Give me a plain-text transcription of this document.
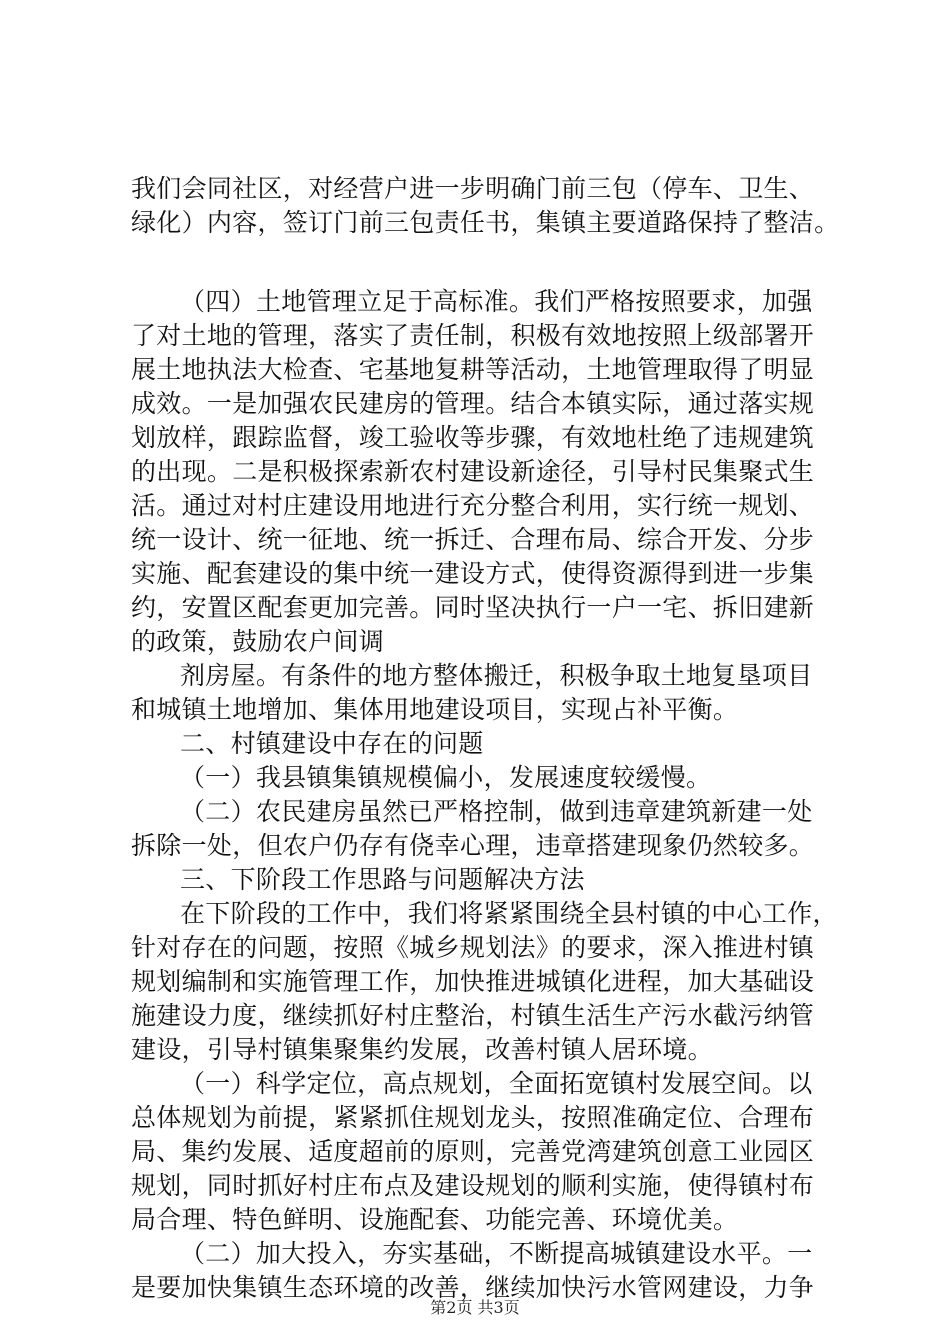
我们会同社区，对经营户进一步明确门前三包（停车、卫生、
绿化）内容，签订门前三包责任书，集镇主要道路保持了整洁。
（四）土地管理立足于高标准。我们严格按照要求，加强
了对土地的管理，落实了责任制，积极有效地按照上级部署开
展土地执法大检查、宅基地复耕等活动，土地管理取得了明显
成效。一是加强农民建房的管理。结合本镇实际，通过落实规
划放样，跟踪监督，竣工验收等步骤，有效地杜绝了违规建筑
的出现。二是积极探索新农村建设新途径，引导村民集聚式生
活。通过对村庄建设用地进行充分整合利用，实行统一规划、
统一设计、统一征地、统一拆迁、合理布局、综合开发、分步
实施、配套建设的集中统一建设方式，使得资源得到进一步集
约，安置区配套更加完善。同时坚决执行一户一宅、拆旧建新
的政策，鼓励农户间调
剂房屋。有条件的地方整体搬迁，积极争取土地复垦项目
和城镇土地增加、集体用地建设项目，实现占补平衡。
二、村镇建设中存在的问题
（一）我县镇集镇规模偏小，发展速度较缓慢。
（二）农民建房虽然已严格控制，做到违章建筑新建一处
拆除一处，但农户仍存有侥幸心理，违章搭建现象仍然较多。
三、下阶段工作思路与问题解决方法
在下阶段的工作中，我们将紧紧围绕全县村镇的中心工作，
针对存在的问题，按照《城乡规划法》的要求，深入推进村镇
规划编制和实施管理工作，加快推进城镇化进程，加大基础设
施建设力度，继续抓好村庄整治，村镇生活生产污水截污纳管
建设，引导村镇集聚集约发展，改善村镇人居环境。
（一）科学定位，高点规划，全面拓宽镇村发展空间。以
总体规划为前提，紧紧抓住规划龙头，按照准确定位、合理布
局、集约发展、适度超前的原则，完善党湾建筑创意工业园区
规划，同时抓好村庄布点及建设规划的顺利实施，使得镇村布
局合理、特色鲜明、设施配套、功能完善、环境优美。
（二）加大投入，夯实基础，不断提高城镇建设水平。一
是要加快集镇生态环境的改善，继续加快污水管网建设，力争
第2页 共3页
